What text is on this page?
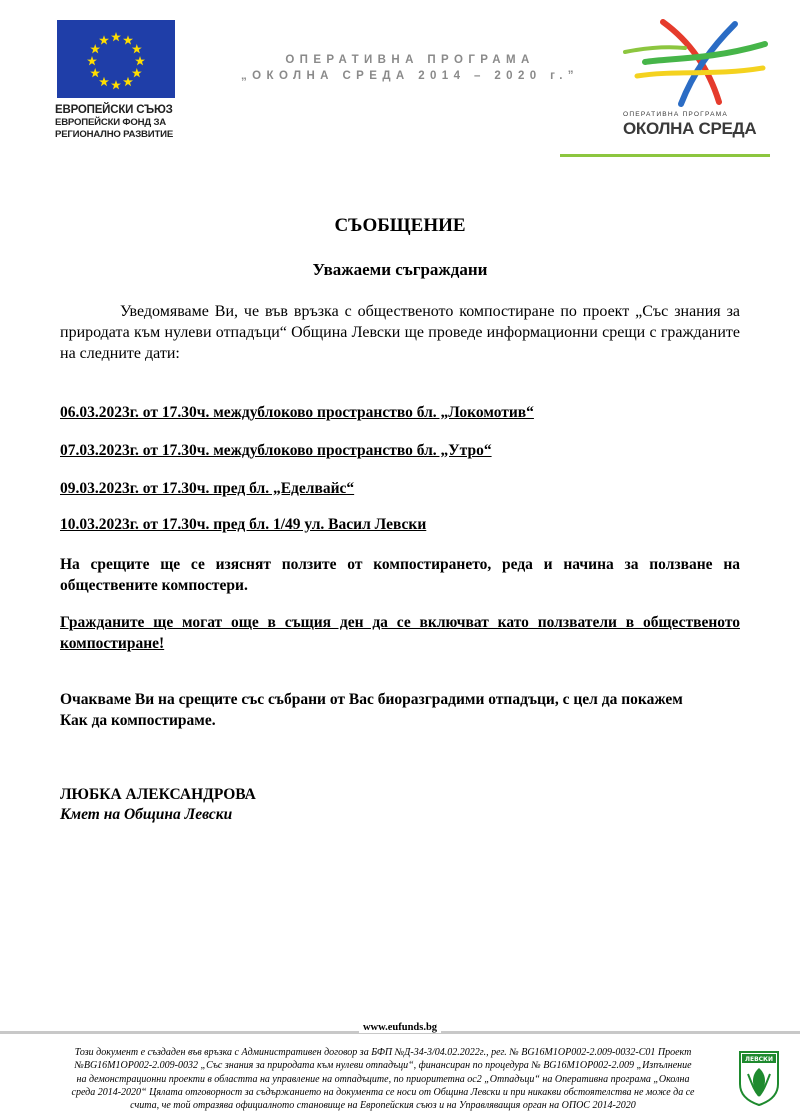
ЕВРОПЕЙСКИ СЪЮЗ
ЕВРОПЕЙСКИ ФОНД ЗА
РЕГИОНАЛНО РАЗВИТИЕ
ОПЕРАТИВНА ПРОГРАМА
„ОКОЛНА СРЕДА 2014 – 2020 г.”
ОПЕРАТИВНА ПРОГРАМА
ОКОЛНА СРЕДА
СЪОБЩЕНИЕ
Уважаеми съграждани
Уведомяваме Ви, че във връзка с общественото компостиране по проект „Със знания за природата към нулеви отпадъци“ Община Левски ще проведе информационни срещи с гражданите на следните дати:
06.03.2023г. от 17.30ч. междублоково пространство бл. „Локомотив“
07.03.2023г. от 17.30ч. междублоково пространство бл. „Утро“
09.03.2023г. от 17.30ч. пред бл. „Еделвайс“
10.03.2023г. от 17.30ч. пред бл. 1/49 ул. Васил Левски
На срещите ще се изяснят ползите от компостирането, реда и начина за ползване на обществените компостери.
Гражданите ще могат още в същия ден да се включват като ползватели в общественото компостиране!
Очакваме Ви на срещите със събрани от Вас биоразградими отпадъци, с цел да покажем
Как да компостираме.
ЛЮБКА АЛЕКСАНДРОВА
Кмет на Община Левски
www.eufunds.bg
Този документ е създаден във връзка с Административен договор за БФП №Д-34-3/04.02.2022г., рег. № BG16M1OP002-2.009-0032-C01 Проект
№BG16M1OP002-2.009-0032 „Със знания за природата към нулеви отпадъци“, финансиран по процедура № BG16M1OP002-2.009 „Изпълнение
на демонстрационни проекти в областта на управление на отпадъците, по приоритетна ос2 „Отпадъци“ на Оперативна програма „Околна
среда 2014-2020“ Цялата отговорност за съдържанието на документа се носи от Община Левски и при никакви обстоятелства не може да се
счита, че той отразява официалното становище на Европейския съюз и на Управляващия орган на ОПОС 2014-2020
ЛЕВСКИ
